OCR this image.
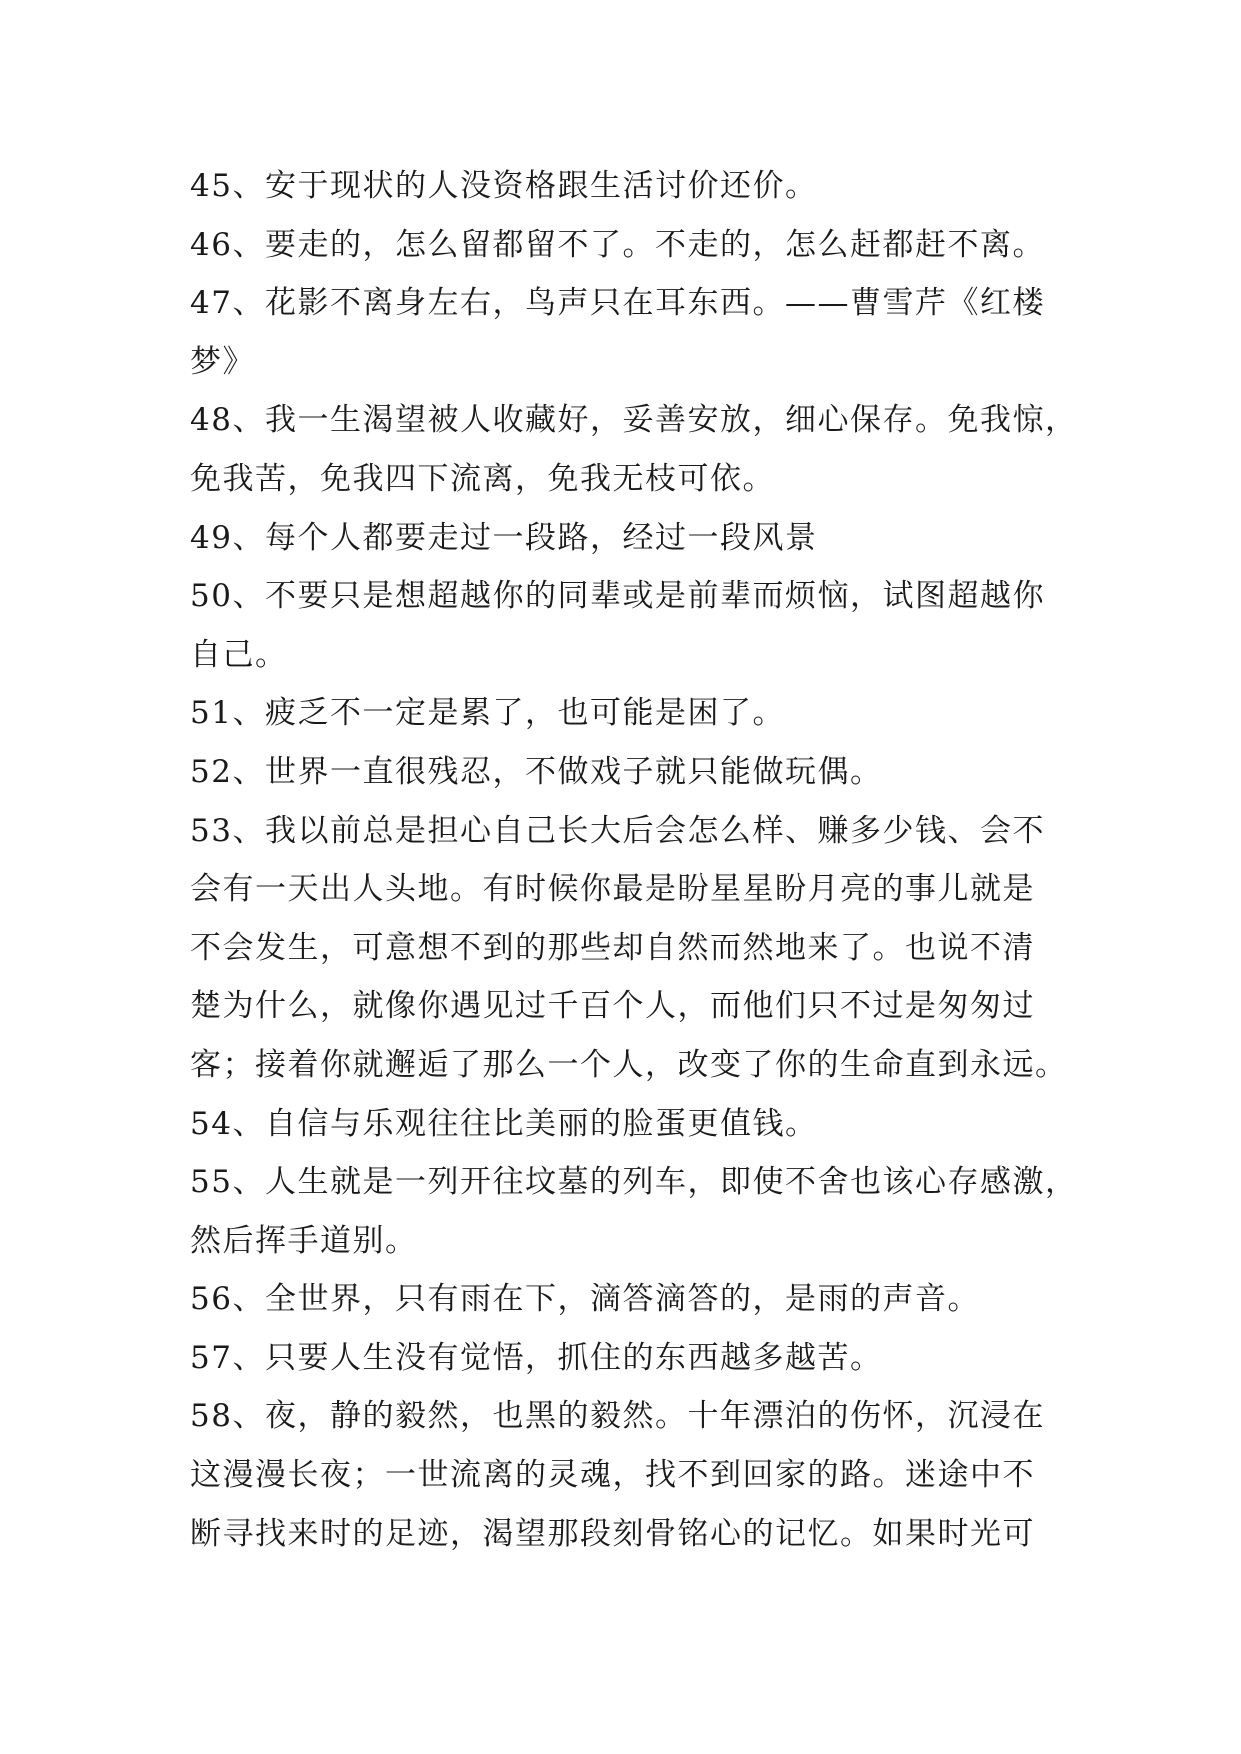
45、安于现状的人没资格跟生活讨价还价。
46、要走的，怎么留都留不了。不走的，怎么赶都赶不离。
47、花影不离身左右，鸟声只在耳东西。——曹雪芹《红楼
梦》
48、我一生渴望被人收藏好，妥善安放，细心保存。免我惊，
免我苦，免我四下流离，免我无枝可依。
49、每个人都要走过一段路，经过一段风景
50、不要只是想超越你的同辈或是前辈而烦恼，试图超越你
自己。
51、疲乏不一定是累了，也可能是困了。
52、世界一直很残忍，不做戏子就只能做玩偶。
53、我以前总是担心自己长大后会怎么样、赚多少钱、会不
会有一天出人头地。有时候你最是盼星星盼月亮的事儿就是
不会发生，可意想不到的那些却自然而然地来了。也说不清
楚为什么，就像你遇见过千百个人，而他们只不过是匆匆过
客；接着你就邂逅了那么一个人，改变了你的生命直到永远。
54、自信与乐观往往比美丽的脸蛋更值钱。
55、人生就是一列开往坟墓的列车，即使不舍也该心存感激，
然后挥手道别。
56、全世界，只有雨在下，滴答滴答的，是雨的声音。
57、只要人生没有觉悟，抓住的东西越多越苦。
58、夜，静的毅然，也黑的毅然。十年漂泊的伤怀，沉浸在
这漫漫长夜；一世流离的灵魂，找不到回家的路。迷途中不
断寻找来时的足迹，渴望那段刻骨铭心的记忆。如果时光可
